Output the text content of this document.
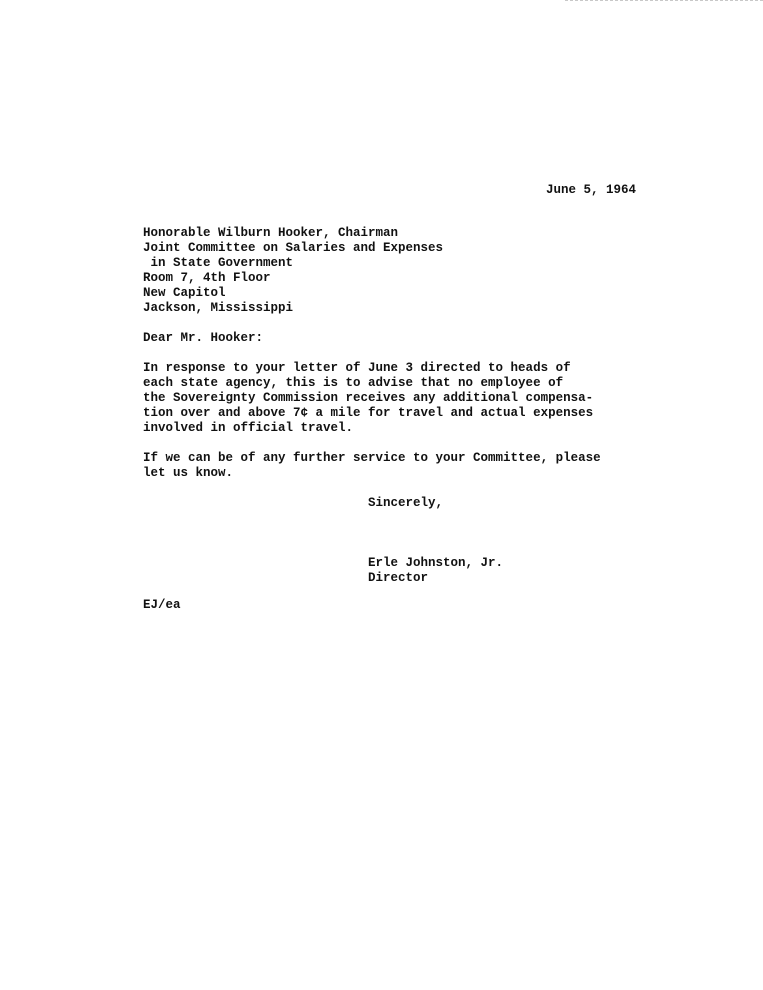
June 5, 1964
Honorable Wilburn Hooker, Chairman
Joint Committee on Salaries and Expenses
in State Government
Room 7, 4th Floor
New Capitol
Jackson, Mississippi
Dear Mr. Hooker:
In response to your letter of June 3 directed to heads of
each state agency, this is to advise that no employee of
the Sovereignty Commission receives any additional compensa-
tion over and above 7¢ a mile for travel and actual expenses
involved in official travel.
If we can be of any further service to your Committee, please
let us know.
Sincerely,
Erle Johnston, Jr.
Director
EJ/ea
